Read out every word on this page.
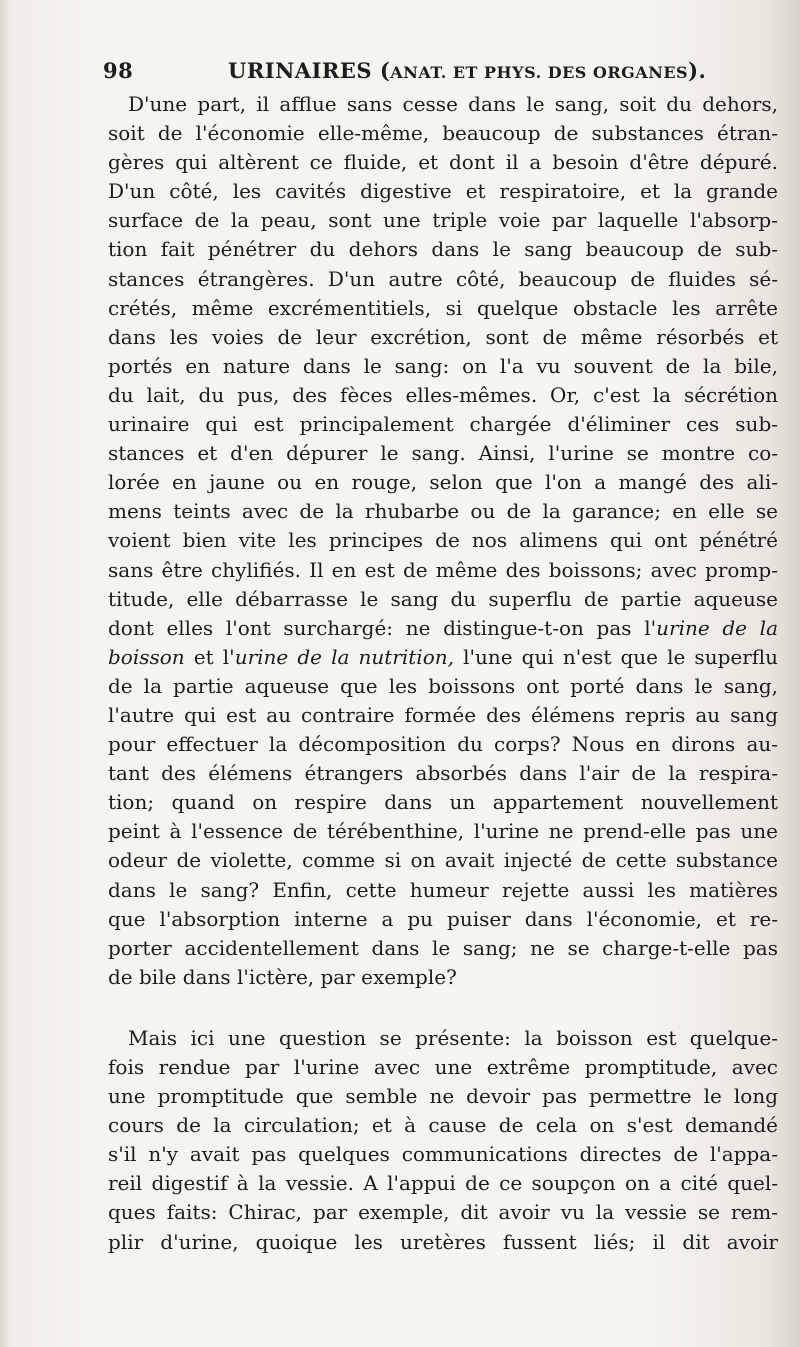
98	URINAIRES (ANAT. ET PHYS. DES ORGANES).
D'une part, il afflue sans cesse dans le sang, soit du dehors,
soit de l'économie elle-même, beaucoup de substances étran-
gères qui altèrent ce fluide, et dont il a besoin d'être dépuré.
D'un côté, les cavités digestive et respiratoire, et la grande
surface de la peau, sont une triple voie par laquelle l'absorp-
tion fait pénétrer du dehors dans le sang beaucoup de sub-
stances étrangères. D'un autre côté, beaucoup de fluides sé-
crétés, même excrémentitiels, si quelque obstacle les arrête
dans les voies de leur excrétion, sont de même résorbés et
portés en nature dans le sang: on l'a vu souvent de la bile,
du lait, du pus, des fèces elles-mêmes. Or, c'est la sécrétion
urinaire qui est principalement chargée d'éliminer ces sub-
stances et d'en dépurer le sang. Ainsi, l'urine se montre co-
lorée en jaune ou en rouge, selon que l'on a mangé des ali-
mens teints avec de la rhubarbe ou de la garance; en elle se
voient bien vite les principes de nos alimens qui ont pénétré
sans être chylifiés. Il en est de même des boissons; avec promp-
titude, elle débarrasse le sang du superflu de partie aqueuse
dont elles l'ont surchargé: ne distingue-t-on pas l'urine de la
boisson et l'urine de la nutrition, l'une qui n'est que le superflu
de la partie aqueuse que les boissons ont porté dans le sang,
l'autre qui est au contraire formée des élémens repris au sang
pour effectuer la décomposition du corps? Nous en dirons au-
tant des élémens étrangers absorbés dans l'air de la respira-
tion; quand on respire dans un appartement nouvellement
peint à l'essence de térébenthine, l'urine ne prend-elle pas une
odeur de violette, comme si on avait injecté de cette substance
dans le sang? Enfin, cette humeur rejette aussi les matières
que l'absorption interne a pu puiser dans l'économie, et re-
porter accidentellement dans le sang; ne se charge-t-elle pas
de bile dans l'ictère, par exemple?
Mais ici une question se présente: la boisson est quelque-
fois rendue par l'urine avec une extrême promptitude, avec
une promptitude que semble ne devoir pas permettre le long
cours de la circulation; et à cause de cela on s'est demandé
s'il n'y avait pas quelques communications directes de l'appa-
reil digestif à la vessie. A l'appui de ce soupçon on a cité quel-
ques faits: Chirac, par exemple, dit avoir vu la vessie se rem-
plir d'urine, quoique les uretères fussent liés; il dit avoir
